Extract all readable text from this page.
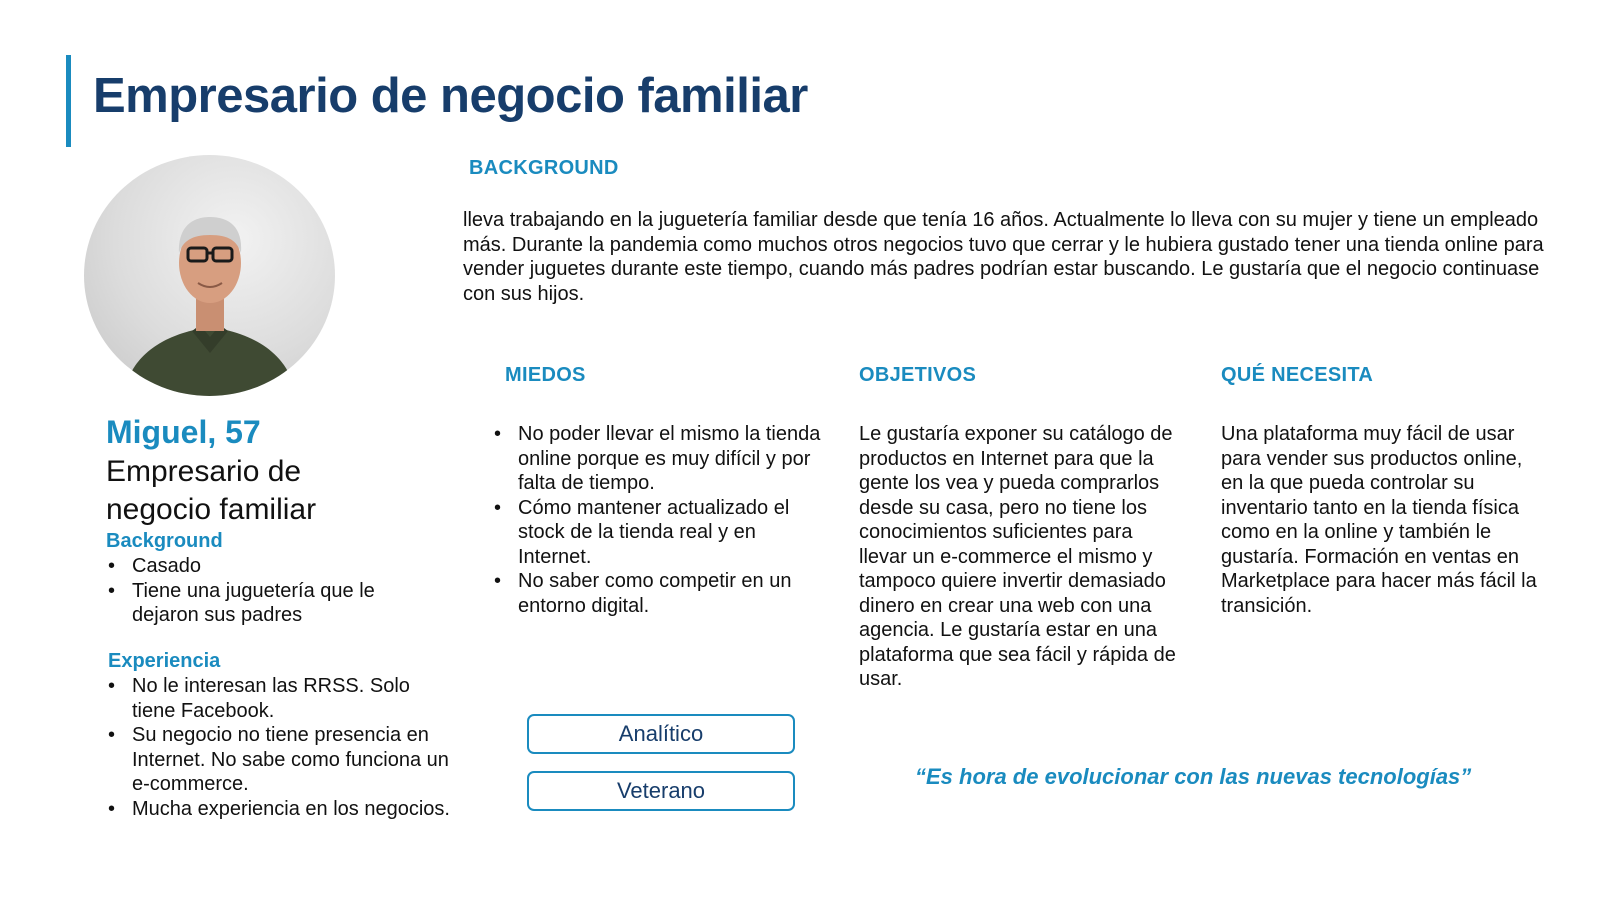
Empresario de negocio familiar
Miguel, 57
Empresario de negocio familiar
Background
• Casado
• Tiene una juguetería que le dejaron sus padres
Experiencia
• No le interesan las RRSS. Solo tiene Facebook.
• Su negocio no tiene presencia en Internet. No sabe como funciona un e-commerce.
• Mucha experiencia en los negocios.
BACKGROUND

lleva trabajando en la juguetería familiar desde que tenía 16 años. Actualmente lo lleva con su mujer y tiene un empleado más. Durante la pandemia como muchos otros negocios tuvo que cerrar y le hubiera gustado tener una tienda online para vender juguetes durante este tiempo, cuando más padres podrían estar buscando. Le gustaría que el negocio continuase con sus hijos.

MIEDOS
• No poder llevar el mismo la tienda online porque es muy difícil y por falta de tiempo.
• Cómo mantener actualizado el stock de la tienda real y en Internet.
• No saber como competir en un entorno digital.
OBJETIVOS

Le gustaría exponer su catálogo de productos en Internet para que la gente los vea y pueda comprarlos desde su casa, pero no tiene los conocimientos suficientes para llevar un e-commerce el mismo y tampoco quiere invertir demasiado dinero en crear una web con una agencia. Le gustaría estar en una plataforma que sea fácil y rápida de usar.

QUÉ NECESITA

Una plataforma muy fácil de usar para vender sus productos online, en la que pueda controlar su inventario tanto en la tienda física como en la online y también le gustaría. Formación en ventas en Marketplace para hacer más fácil la transición.

Analítico
Veterano
“Es hora de evolucionar con las nuevas tecnologías”
